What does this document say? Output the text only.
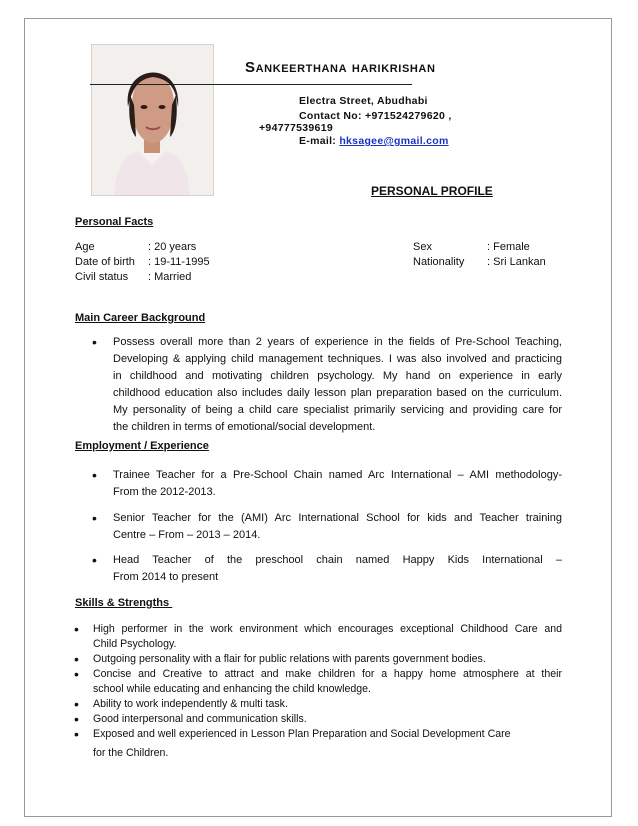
Sankeerthana harikrishan
Electra Street, Abudhabi
Contact No: +971524279620 ,
+94777539619
E-mail: hksagee@gmail.com
PERSONAL PROFILE
Personal Facts
Age	: 20 years
Date of birth : 19-11-1995
Civil status : Married
Sex	: Female
Nationality : Sri Lankan
Main Career Background
• Possess overall more than 2 years of experience in the fields of Pre-School Teaching,
Developing & applying child management techniques. I was also involved and practicing
in childhood and motivating children psychology. My hand on experience in early
childhood education also includes daily lesson plan preparation based on the curriculum.
My personality of being a child care specialist primarily servicing and providing care for
the children in terms of emotional/social development.
Employment / Experience
• Trainee Teacher for a Pre-School Chain named Arc International – AMI methodology-
From the 2012-2013.
• Senior Teacher for the (AMI) Arc International School for kids and Teacher training
Centre – From – 2013 – 2014.
• Head Teacher of the preschool chain named Happy Kids International –
From 2014 to present
Skills & Strengths
• High performer in the work environment which encourages exceptional Childhood Care and
Child Psychology.
• Outgoing personality with a flair for public relations with parents government bodies.
• Concise and Creative to attract and make children for a happy home atmosphere at their
school while educating and enhancing the child knowledge.
• Ability to work independently & multi task.
• Good interpersonal and communication skills.
• Exposed and well experienced in Lesson Plan Preparation and Social Development Care
for the Children.
